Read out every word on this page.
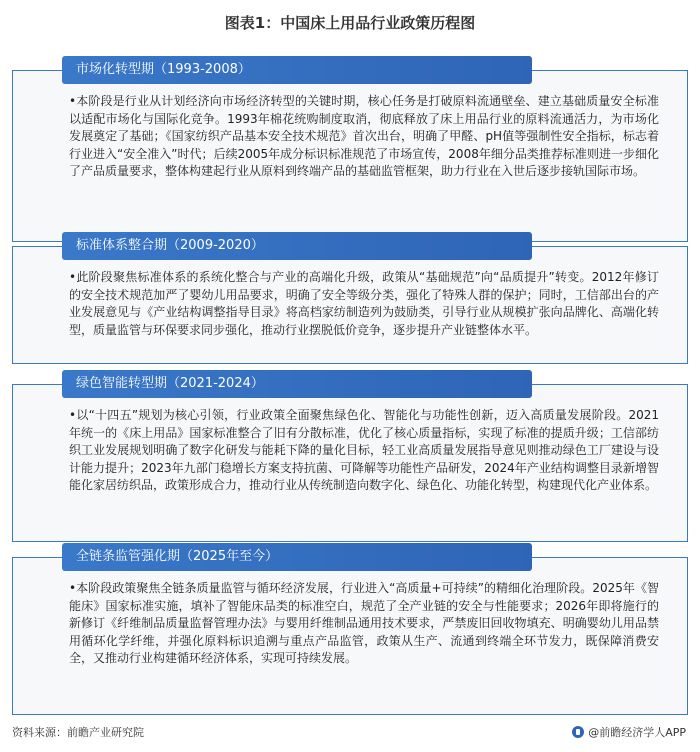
图表1：中国床上用品行业政策历程图
•本阶段是行业从计划经济向市场经济转型的关键时期，核心任务是打破原料流通壁垒、建立基础质量安全标准以适配市场化与国际化竞争。1993年棉花统购制度取消，彻底释放了床上用品行业的原料流通活力，为市场化发展奠定了基础；《国家纺织产品基本安全技术规范》首次出台，明确了甲醛、pH值等强制性安全指标，标志着行业进入“安全准入”时代；后续2005年成分标识标准规范了市场宣传，2008年细分品类推荐标准则进一步细化了产品质量要求，整体构建起行业从原料到终端产品的基础监管框架，助力行业在入世后逐步接轨国际市场。
市场化转型期（1993-2008）
•此阶段聚焦标准体系的系统化整合与产业的高端化升级，政策从“基础规范”向“品质提升”转变。2012年修订的安全技术规范加严了婴幼儿用品要求，明确了安全等级分类，强化了特殊人群的保护；同时，工信部出台的产业发展意见与《产业结构调整指导目录》将高档家纺制造列为鼓励类，引导行业从规模扩张向品牌化、高端化转型，质量监管与环保要求同步强化，推动行业摆脱低价竞争，逐步提升产业链整体水平。
标准体系整合期（2009-2020）
•以“十四五”规划为核心引领，行业政策全面聚焦绿色化、智能化与功能性创新，迈入高质量发展阶段。2021年统一的《床上用品》国家标准整合了旧有分散标准，优化了核心质量指标，实现了标准的提质升级；工信部纺织工业发展规划明确了数字化研发与能耗下降的量化目标，轻工业高质量发展指导意见则推动绿色工厂建设与设计能力提升；2023年九部门稳增长方案支持抗菌、可降解等功能性产品研发，2024年产业结构调整目录新增智能化家居纺织品，政策形成合力，推动行业从传统制造向数字化、绿色化、功能化转型，构建现代化产业体系。
绿色智能转型期（2021-2024）
•本阶段政策聚焦全链条质量监管与循环经济发展，行业进入“高质量+可持续”的精细化治理阶段。2025年《智能床》国家标准实施，填补了智能床品类的标准空白，规范了全产业链的安全与性能要求；2026年即将施行的新修订《纤维制品质量监督管理办法》与婴用纤维制品通用技术要求，严禁废旧回收物填充、明确婴幼儿用品禁用循环化学纤维，并强化原料标识追溯与重点产品监管，政策从生产、流通到终端全环节发力，既保障消费安全，又推动行业构建循环经济体系，实现可持续发展。
全链条监管强化期（2025年至今）
资料来源：前瞻产业研究院	@前瞻经济学人APP
